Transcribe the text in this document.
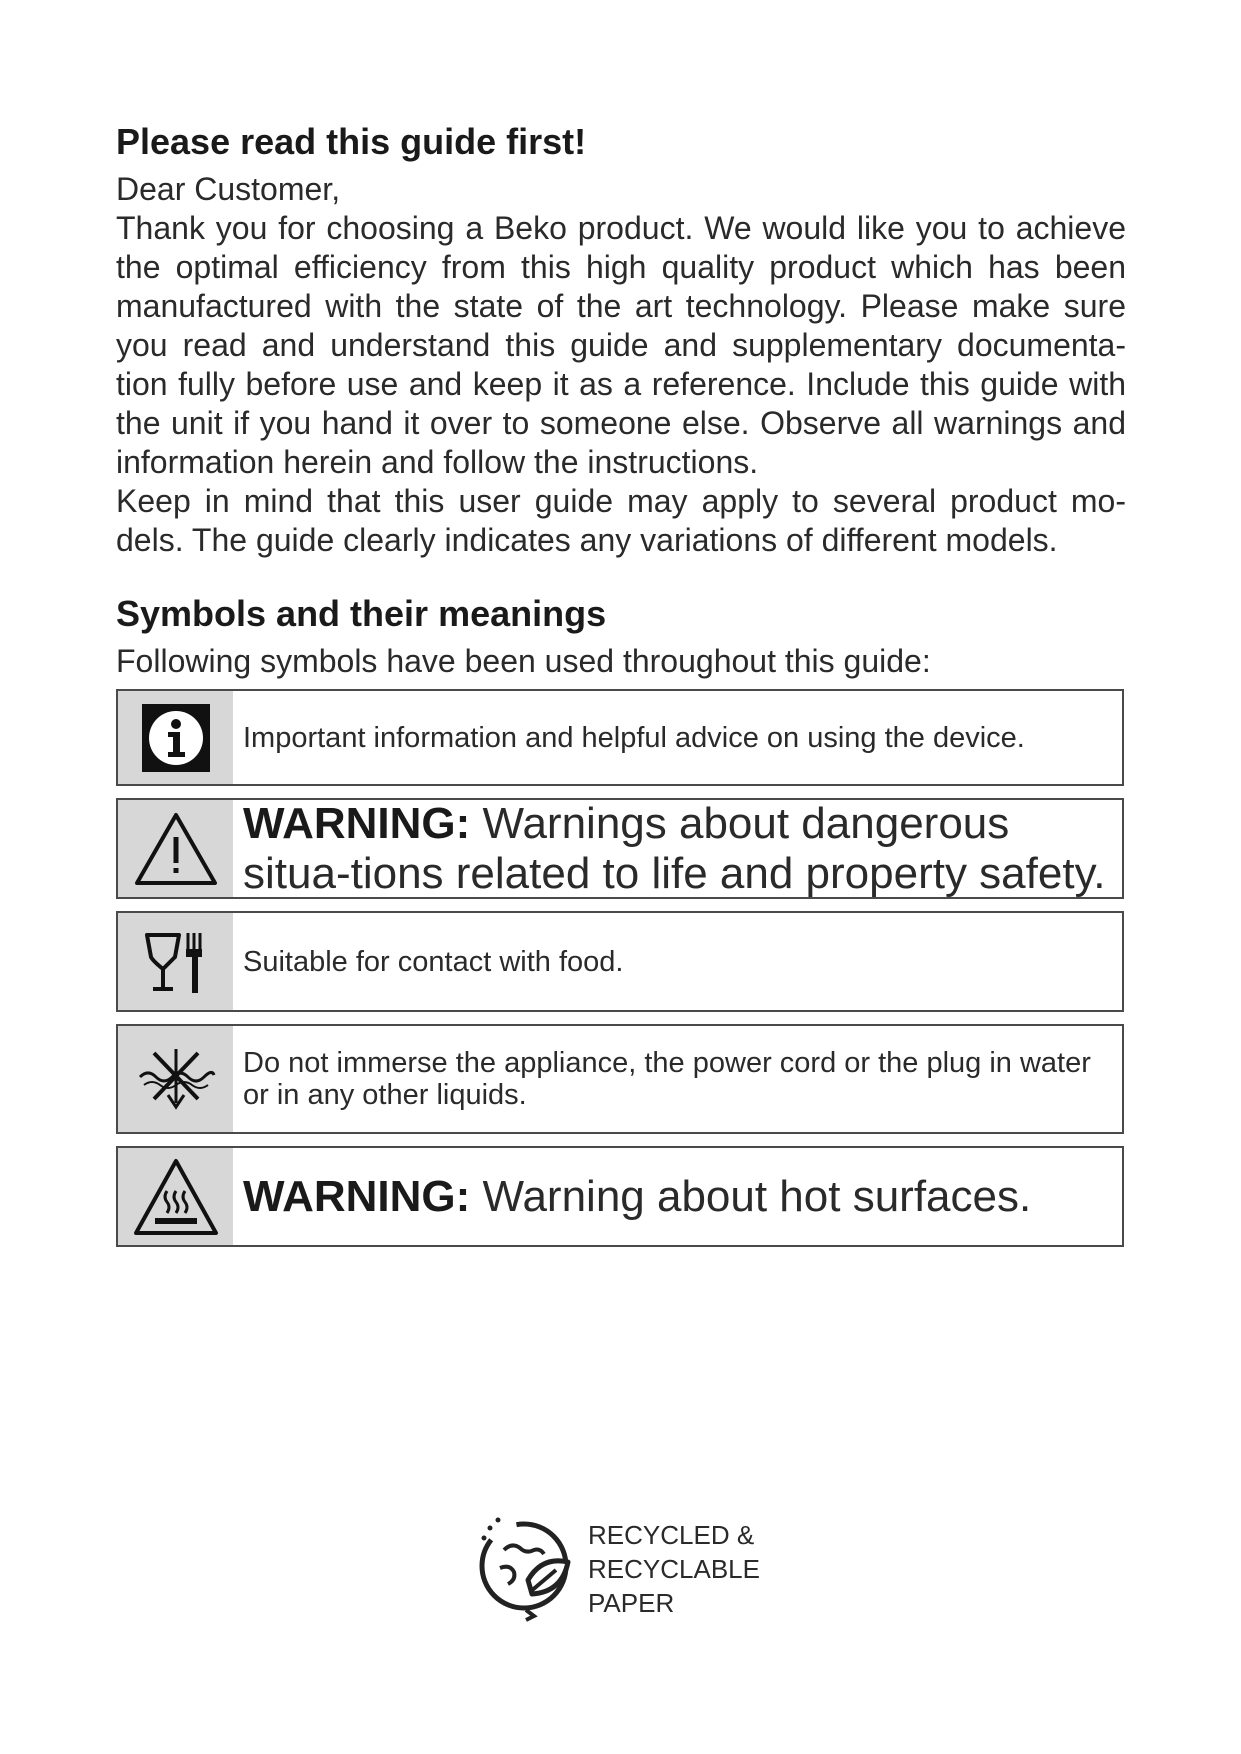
Please read this guide first!

Dear Customer,

Thank you for choosing a Beko product. We would like you to achieve the optimal efficiency from this high quality product which has been manufactured with the state of the art technology. Please make sure you read and understand this guide and supplementary documenta-tion fully before use and keep it as a reference. Include this guide with the unit if you hand it over to someone else. Observe all warnings and information herein and follow the instructions.

Keep in mind that this user guide may apply to several product mo-dels. The guide clearly indicates any variations of different models.

Symbols and their meanings

Following symbols have been used throughout this guide:

Important information and helpful advice on using the device.
WARNING: Warnings about dangerous situa-tions related to life and property safety.
Suitable for contact with food.
Do not immerse the appliance, the power cord or the plug in water or in any other liquids.
WARNING: Warning about hot surfaces.
RECYCLED &
RECYCLABLE
PAPER
